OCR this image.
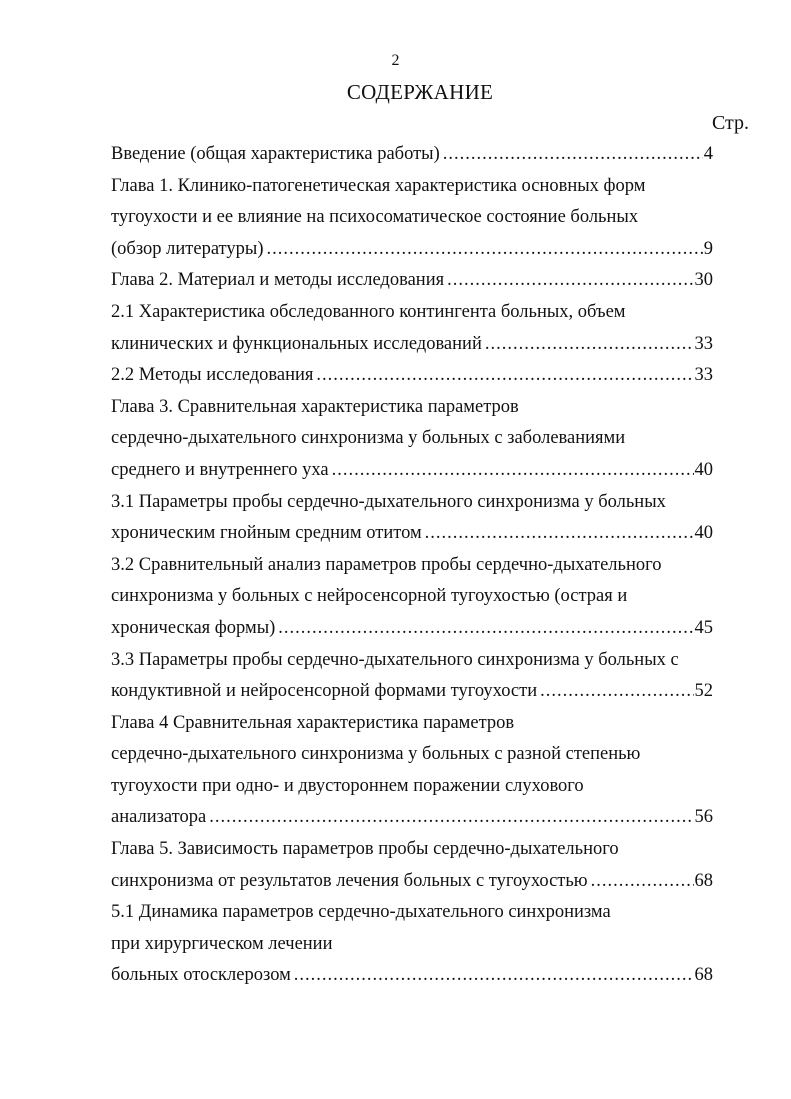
2
СОДЕРЖАНИЕ
Стр.
Введение (общая характеристика работы) .....	4
Глава 1. Клинико-патогенетическая характеристика основных форм
тугоухости и ее влияние на психосоматическое состояние больных
(обзор литературы) .....	9
Глава 2. Материал и методы исследования .....	30
2.1 Характеристика обследованного контингента больных, объем
клинических и функциональных исследований .....	33
2.2 Методы исследования .....	33
Глава 3. Сравнительная характеристика параметров
сердечно-дыхательного синхронизма у больных с заболеваниями
среднего и внутреннего уха .....	40
3.1 Параметры пробы сердечно-дыхательного синхронизма у больных
хроническим гнойным средним отитом .....	40
3.2 Сравнительный анализ параметров пробы сердечно-дыхательного
синхронизма у больных с нейросенсорной тугоухостью (острая и
хроническая формы) .....	45
3.3 Параметры пробы сердечно-дыхательного синхронизма у больных с
кондуктивной и нейросенсорной формами тугоухости .....	52
Глава 4 Сравнительная характеристика параметров
сердечно-дыхательного синхронизма у больных с разной степенью
тугоухости при одно- и двустороннем поражении слухового
анализатора .....	56
Глава 5. Зависимость параметров пробы сердечно-дыхательного
синхронизма от результатов лечения больных с тугоухостью .....	68
5.1 Динамика параметров сердечно-дыхательного синхронизма
при хирургическом лечении
больных отосклерозом .....	68
